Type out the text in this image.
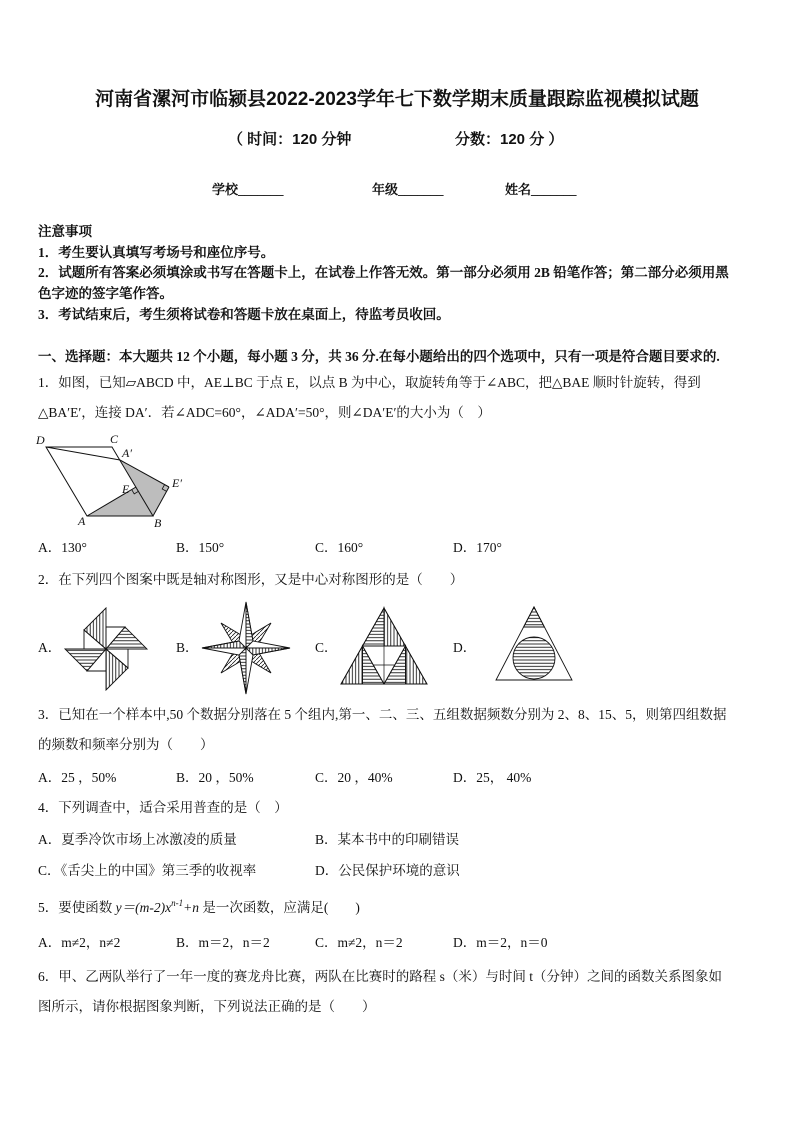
河南省漯河市临颍县2022-2023学年七下数学期末质量跟踪监视模拟试题
（ 时间：120 分钟	分数：120 分 ）
学校_______	年级_______	姓名_______
注意事项
1．考生要认真填写考场号和座位序号。
2．试题所有答案必须填涂或书写在答题卡上，在试卷上作答无效。第一部分必须用 2B 铅笔作答；第二部分必须用黑
色字迹的签字笔作答。
3．考试结束后，考生须将试卷和答题卡放在桌面上，待监考员收回。
一、选择题：本大题共 12 个小题，每小题 3 分，共 36 分.在每小题给出的四个选项中，只有一项是符合题目要求的.
1．如图，已知▱ABCD 中，AE⊥BC 于点 E，以点 B 为中心，取旋转角等于∠ABC，把△BAE 顺时针旋转，得到
△BA′E′，连接 DA′．若∠ADC=60°，∠ADA′=50°，则∠DA′E′的大小为（　）
D	C
A′
E′
E
A	B
A．130°	B．150°	C．160°	D．170°
2．在下列四个图案中既是轴对称图形，又是中心对称图形的是（　　）
A．	B．	C．	D．
3．已知在一个样本中,50 个数据分别落在 5 个组内,第一、二、三、五组数据频数分别为 2、8、15、5，则第四组数据
的频数和频率分别为（　　）
A．25 ，50%	B．20 ，50%	C．20 ，40%	D．25， 40%
4．下列调查中，适合采用普查的是（　）
A．夏季冷饮市场上冰激凌的质量	B．某本书中的印刷错误
C．《舌尖上的中国》第三季的收视率	D．公民保护环境的意识
5．要使函数 $y=(m-2)x^{n-1}+n$ 是一次函数，应满足(　　)
A．m≠2，n≠2	B．m＝2，n＝2	C．m≠2，n＝2	D．m＝2，n＝0
6．甲、乙两队举行了一年一度的赛龙舟比赛，两队在比赛时的路程 s（米）与时间 t（分钟）之间的函数关系图象如
图所示，请你根据图象判断，下列说法正确的是（　　）
